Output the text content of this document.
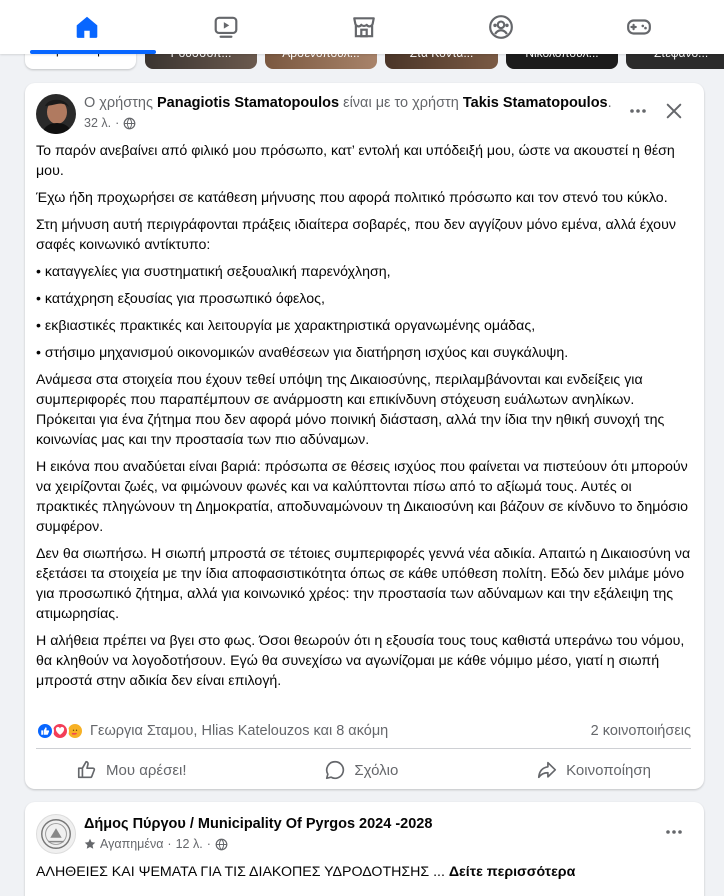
Ο χρήστης Panagiotis Stamatopoulos είναι με το χρήστη Takis Stamatopoulos.
32 λ. ·

Το παρόν ανεβαίνει από φιλικό μου πρόσωπο, κατ’ εντολή και υπόδειξή μου, ώστε να ακουστεί η θέση μου.

Έχω ήδη προχωρήσει σε κατάθεση μήνυσης που αφορά πολιτικό πρόσωπο και τον στενό του κύκλο.

Στη μήνυση αυτή περιγράφονται πράξεις ιδιαίτερα σοβαρές, που δεν αγγίζουν μόνο εμένα, αλλά έχουν σαφές κοινωνικό αντίκτυπο:

• καταγγελίες για συστηματική σεξουαλική παρενόχληση,

• κατάχρηση εξουσίας για προσωπικό όφελος,

• εκβιαστικές πρακτικές και λειτουργία με χαρακτηριστικά οργανωμένης ομάδας,

• στήσιμο μηχανισμού οικονομικών αναθέσεων για διατήρηση ισχύος και συγκάλυψη.

Ανάμεσα στα στοιχεία που έχουν τεθεί υπόψη της Δικαιοσύνης, περιλαμβάνονται και ενδείξεις για συμπεριφορές που παραπέμπουν σε ανάρμοστη και επικίνδυνη στόχευση ευάλωτων ανηλίκων. Πρόκειται για ένα ζήτημα που δεν αφορά μόνο ποινική διάσταση, αλλά την ίδια την ηθική συνοχή της κοινωνίας μας και την προστασία των πιο αδύναμων.

Η εικόνα που αναδύεται είναι βαριά: πρόσωπα σε θέσεις ισχύος που φαίνεται να πιστεύουν ότι μπορούν να χειρίζονται ζωές, να φιμώνουν φωνές και να καλύπτονται πίσω από το αξίωμά τους. Αυτές οι πρακτικές πληγώνουν τη Δημοκρατία, αποδυναμώνουν τη Δικαιοσύνη και βάζουν σε κίνδυνο το δημόσιο συμφέρον.

Δεν θα σιωπήσω. Η σιωπή μπροστά σε τέτοιες συμπεριφορές γεννά νέα αδικία. Απαιτώ η Δικαιοσύνη να εξετάσει τα στοιχεία με την ίδια αποφασιστικότητα όπως σε κάθε υπόθεση πολίτη. Εδώ δεν μιλάμε μόνο για προσωπικό ζήτημα, αλλά για κοινωνικό χρέος: την προστασία των αδύναμων και την εξάλειψη της ατιμωρησίας.

Η αλήθεια πρέπει να βγει στο φως. Όσοι θεωρούν ότι η εξουσία τους τους καθιστά υπεράνω του νόμου, θα κληθούν να λογοδοτήσουν. Εγώ θα συνεχίσω να αγωνίζομαι με κάθε νόμιμο μέσο, γιατί η σιωπή μπροστά στην αδικία δεν είναι επιλογή.

Γεωργια Σταμου, Hlias Katelouzos και 8 ακόμη	2 κοινοποιήσεις
Μου αρέσει!	Σχόλιο	Κοινοποίηση
Δήμος Πύργου / Municipality Of Pyrgos 2024 -2028
Αγαπημένα · 12 λ. ·
ΑΛΗΘΕΙΕΣ ΚΑΙ ΨΕΜΑΤΑ ΓΙΑ ΤΙΣ ΔΙΑΚΟΠΕΣ ΥΔΡΟΔΟΤΗΣΗΣ ... Δείτε περισσότερα
